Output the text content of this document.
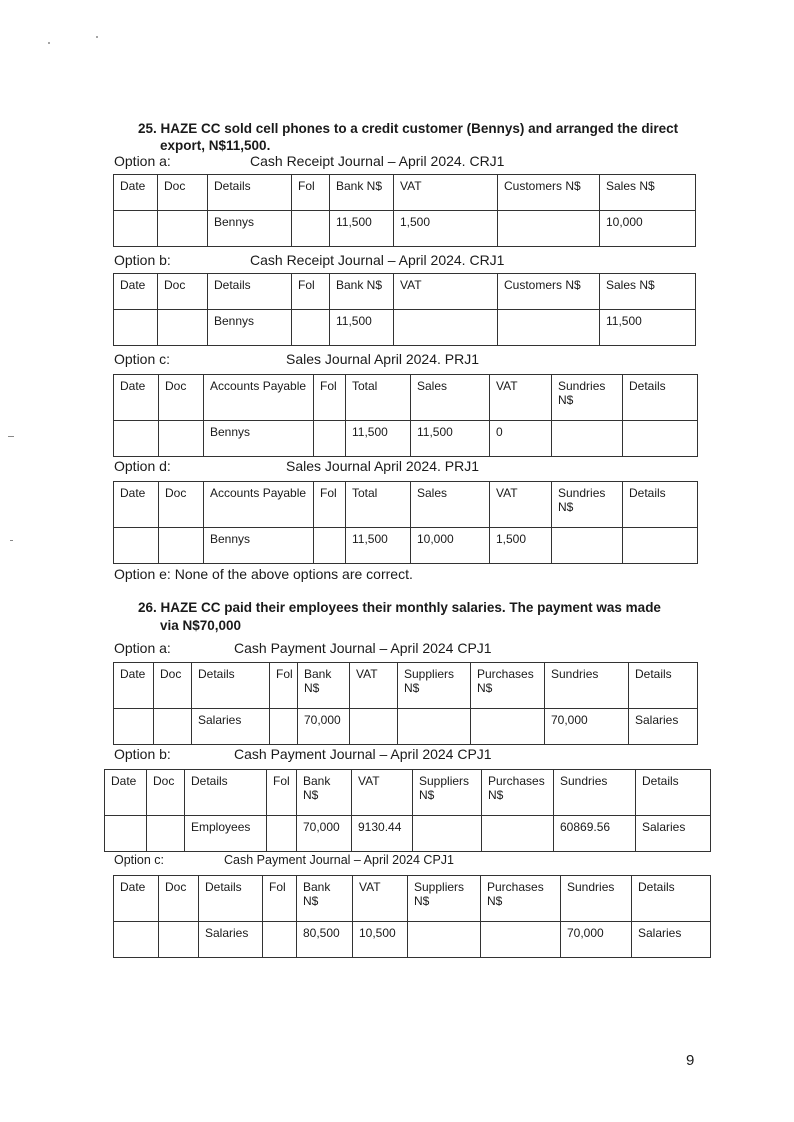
25. HAZE CC sold cell phones to a credit customer (Bennys) and arranged the direct
export, N$11,500.
Option a:	Cash Receipt Journal – April 2024. CRJ1
Date	Doc	Details	Fol	Bank N$	VAT	Customers N$	Sales N$
		Bennys		11,500	1,500		10,000
Option b:	Cash Receipt Journal – April 2024. CRJ1
Date	Doc	Details	Fol	Bank N$	VAT	Customers N$	Sales N$
		Bennys		11,500			11,500
Option c:	Sales Journal April 2024. PRJ1
Date	Doc	Accounts Payable	Fol	Total	Sales	VAT	Sundries N$	Details
		Bennys		11,500	11,500	0		
Option d:	Sales Journal April 2024. PRJ1
Date	Doc	Accounts Payable	Fol	Total	Sales	VAT	Sundries N$	Details
		Bennys		11,500	10,000	1,500		
Option e: None of the above options are correct.
26. HAZE CC paid their employees their monthly salaries. The payment was made
via N$70,000
Option a:	Cash Payment Journal – April 2024 CPJ1
Date	Doc	Details	Fol	Bank N$	VAT	Suppliers N$	Purchases N$	Sundries	Details
		Salaries		70,000				70,000	Salaries
Option b:	Cash Payment Journal – April 2024 CPJ1
Date	Doc	Details	Fol	Bank N$	VAT	Suppliers N$	Purchases N$	Sundries	Details
		Employees		70,000	9130.44			60869.56	Salaries
Option c:	Cash Payment Journal – April 2024 CPJ1
Date	Doc	Details	Fol	Bank N$	VAT	Suppliers N$	Purchases N$	Sundries	Details
		Salaries		80,500	10,500			70,000	Salaries
9
